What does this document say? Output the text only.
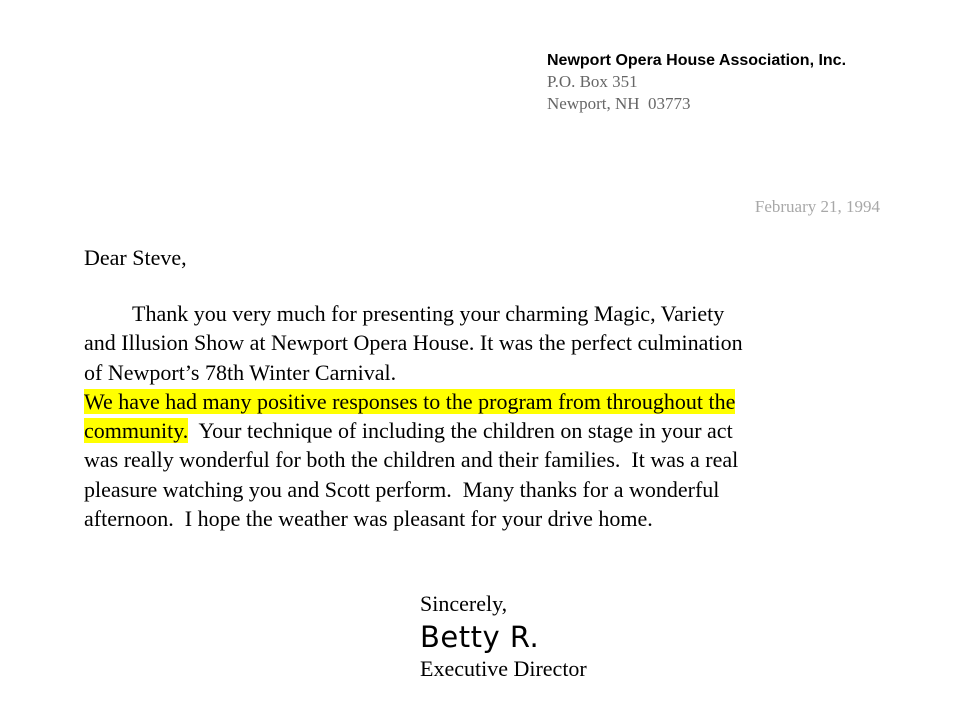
Newport Opera House Association, Inc.
P.O. Box 351
Newport, NH  03773
February 21, 1994
Dear Steve,
Thank you very much for presenting your charming Magic, Variety
and Illusion Show at Newport Opera House. It was the perfect culmination
of Newport’s 78th Winter Carnival.
We have had many positive responses to the program from throughout the
community.  Your technique of including the children on stage in your act
was really wonderful for both the children and their families.  It was a real
pleasure watching you and Scott perform.  Many thanks for a wonderful
afternoon.  I hope the weather was pleasant for your drive home.
Sincerely,
Betty R.
Executive Director
